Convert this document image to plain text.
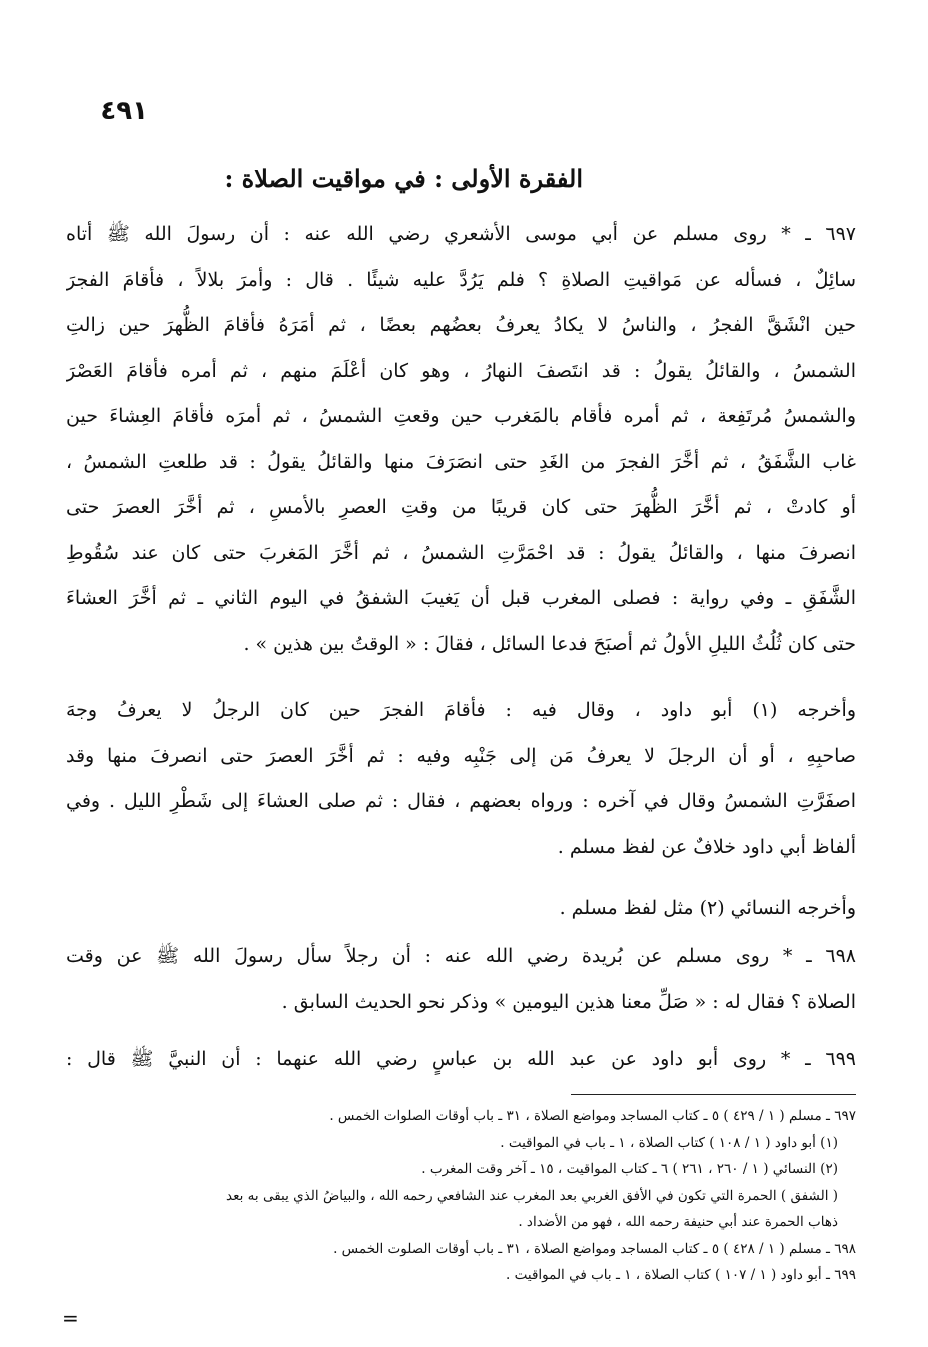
٤٩١
الفقرة الأولى : في مواقيت الصلاة :
٦٩٧ ـ * روى مسلم عن أبي موسى الأشعري رضي الله عنه : أن رسولَ الله ﷺ أتاه
سائِلٌ ، فسأله عن مَواقيتِ الصلاةِ ؟ فلم يَرُدَّ عليه شيئًا . قال : وأمرَ بلالاً ، فأقامَ الفجرَ
حين انْشَقَّ الفجرُ ، والناسُ لا يكادُ يعرفُ بعضُهم بعضًا ، ثم أمَرَهُ فأقامَ الظُّهرَ حين زالتِ
الشمسُ ، والقائلُ يقولُ : قد انتَصفَ النهارُ ، وهو كان أعْلَمَ منهم ، ثم أمره فأقامَ العَصْرَ
والشمسُ مُرتَفِعة ، ثم أمره فأقام بالمَغرب حين وقعتِ الشمسُ ، ثم أمرَه فأقامَ العِشاءَ حين
غاب الشَّفَقُ ، ثم أخَّرَ الفجرَ من الغَدِ حتى انصَرَفَ منها والقائلُ يقولُ : قد طلعتِ الشمسُ ،
أو كادتْ ، ثم أخَّرَ الظُّهرَ حتى كان قريبًا من وقتِ العصرِ بالأمسِ ، ثم أخَّرَ العصرَ حتى
انصرفَ منها ، والقائلُ يقولُ : قد احْمَرَّتِ الشمسُ ، ثم أخَّرَ المَغربَ حتى كان عند سُقُوطِ
الشَّفَقِ ـ وفي رواية : فصلى المغرب قبل أن يَغيبَ الشفقُ في اليوم الثاني ـ ثم أخَّرَ العشاءَ
حتى كان ثُلُثُ الليلِ الأولُ ثم أصبَحَ فدعا السائل ، فقالَ : « الوقتُ بين هذين » .
وأخرجه (١) أبو داود ، وقال فيه : فأقامَ الفجرَ حين كان الرجلُ لا يعرفُ وجهَ
صاحبِهِ ، أو أن الرجلَ لا يعرفُ مَن إلى جَنْبِه وفيه : ثم أخَّرَ العصرَ حتى انصرفَ منها وقد
اصفَرَّتِ الشمسُ وقال في آخره : ورواه بعضهم ، فقال : ثم صلى العشاءَ إلى شَطْرِ الليل . وفي
ألفاظ أبي داود خلافٌ عن لفظ مسلم .
وأخرجه النسائي (٢) مثل لفظ مسلم .
٦٩٨ ـ * روى مسلم عن بُريدة رضي الله عنه : أن رجلاً سأل رسولَ الله ﷺ عن وقت
الصلاة ؟ فقال له : « صَلِّ معنا هذين اليومين » وذكر نحو الحديث السابق .
٦٩٩ ـ * روى أبو داود عن عبد الله بن عباسٍ رضي الله عنهما : أن النبيَّ ﷺ قال :
٦٩٧ ـ مسلم ( ١ / ٤٢٩ ) ٥ ـ كتاب المساجد ومواضع الصلاة ، ٣١ ـ باب أوقات الصلوات الخمس .
(١) أبو داود ( ١ / ١٠٨ ) كتاب الصلاة ، ١ ـ باب في المواقيت .
(٢) النسائي ( ١ / ٢٦٠ ، ٢٦١ ) ٦ ـ كتاب المواقيت ، ١٥ ـ آخر وقت المغرب .
( الشفق ) الحمرة التي تكون في الأفق الغربي بعد المغرب عند الشافعي رحمه الله ، والبياضُ الذي يبقى به بعد
ذهاب الحمرة عند أبي حنيفة رحمه الله ، فهو من الأضداد .
٦٩٨ ـ مسلم ( ١ / ٤٢٨ ) ٥ ـ كتاب المساجد ومواضع الصلاة ، ٣١ ـ باب أوقات الصلوت الخمس .
٦٩٩ ـ أبو داود ( ١ / ١٠٧ ) كتاب الصلاة ، ١ ـ باب في المواقيت .
=
